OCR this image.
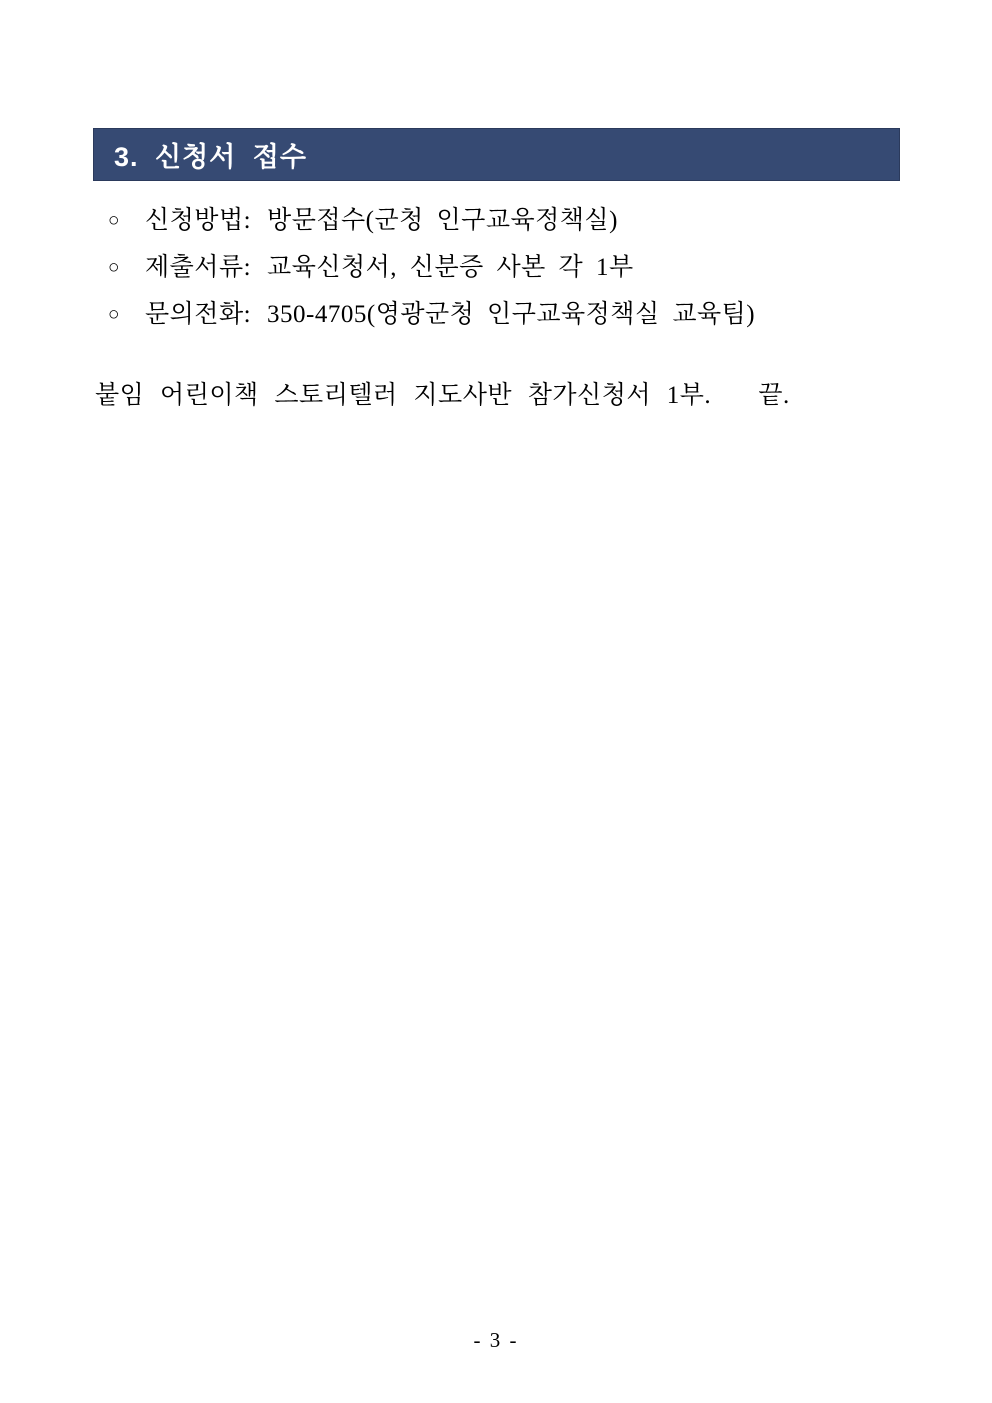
3. 신청서 접수
○	신청방법: 방문접수(군청 인구교육정책실)
○	제출서류: 교육신청서, 신분증 사본 각 1부
○	문의전화: 350-4705(영광군청 인구교육정책실 교육팀)
붙임 어린이책 스토리텔러 지도사반 참가신청서 1부.   끝.
- 3 -
